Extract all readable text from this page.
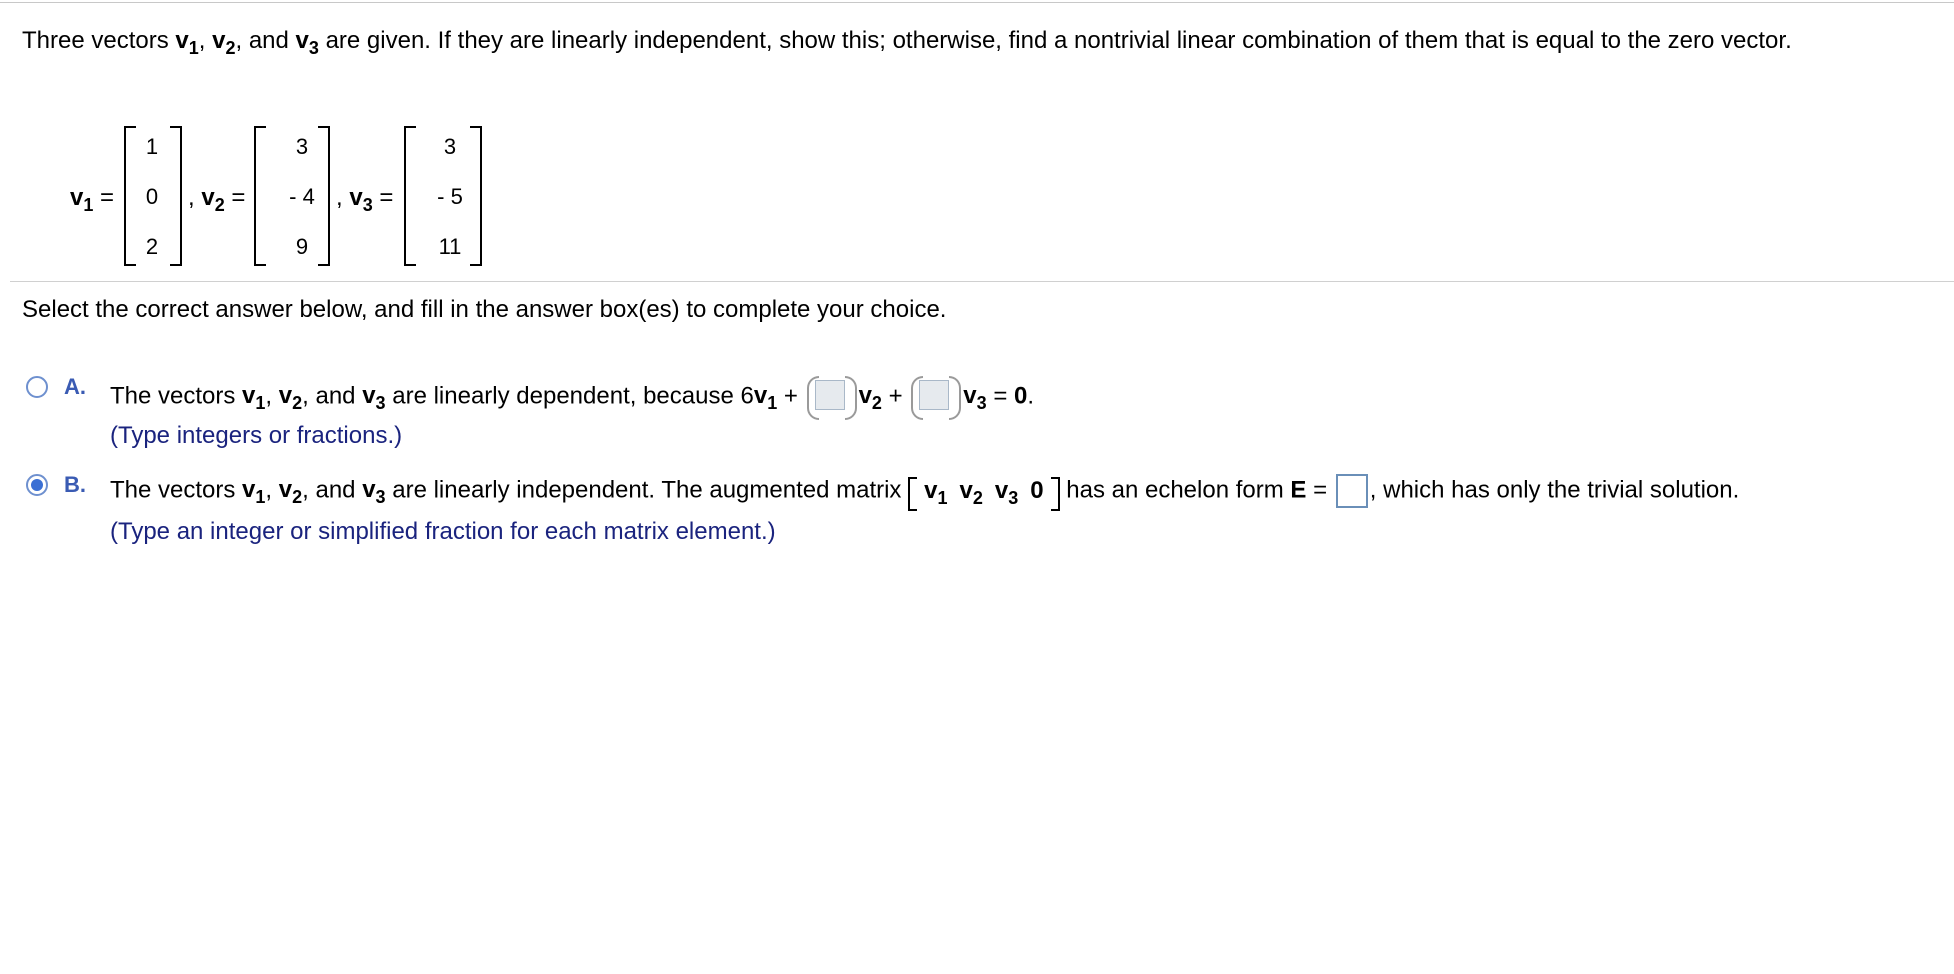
Three vectors $v_1$, $v_2$, and $v_3$ are given. If they are linearly independent, show this; otherwise, find a nontrivial linear combination of them that is equal to the zero vector.
$v_1$ =
1
0
2
, $v_2$ =
3
- 4
9
, $v_3$ =
3
- 5
11
Select the correct answer below, and fill in the answer box(es) to complete your choice.
A. The vectors $v_1$, $v_2$, and $v_3$ are linearly dependent, because $6v_1$ +
$v_2$ +
$v_3 = 0$.
(Type integers or fractions.)
B. The vectors $v_1$, $v_2$, and $v_3$ are linearly independent. The augmented matrix
$v_1$ $v_2$ $v_3$ 0
has an echelon form E = , which has only the trivial solution.
(Type an integer or simplified fraction for each matrix element.)
